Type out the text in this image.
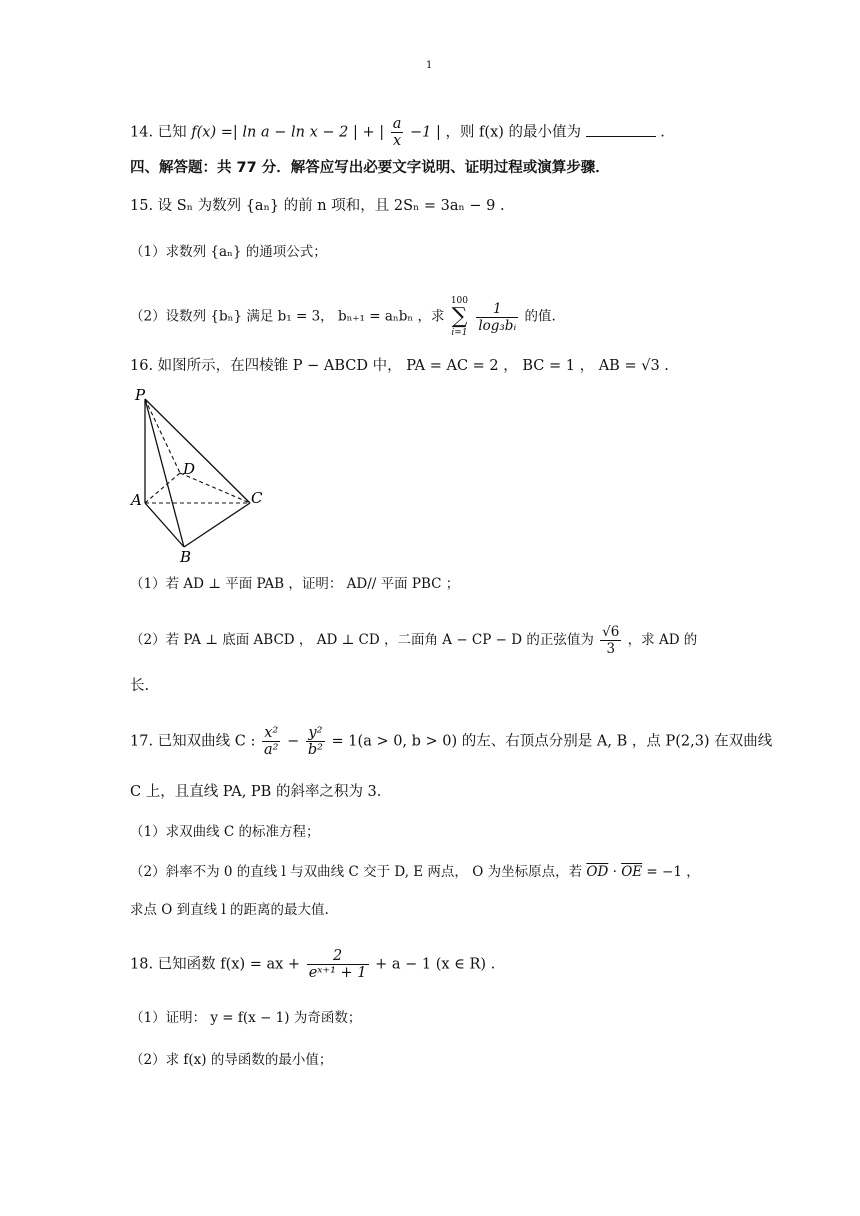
1
14. 已知 f(x) =| ln a − ln x − 2 | + | $\frac{a}{x} -1$ | ，则 f(x) 的最小值为	.
四、解答题：共 77 分．解答应写出必要文字说明、证明过程或演算步骤．
15. 设 Sₙ 为数列 {aₙ} 的前 n 项和，且 2Sₙ = 3aₙ − 9 .
（1）求数列 {aₙ} 的通项公式；
（2）设数列 {bₙ} 满足 b₁ = 3， bₙ₊₁ = aₙbₙ ，求
100
∑
i=1
$\frac{1}{\text{log₃bᵢ}}$ 的值.
16. 如图所示，在四棱锥 P − ABCD 中， PA = AC = 2 ， BC = 1 ， AB = √3 .
P
A
B
C
D
（1）若 AD ⊥ 平面 PAB ，证明： AD// 平面 PBC ；
（2）若 PA ⊥ 底面 ABCD ， AD ⊥ CD ，二面角 A − CP − D 的正弦值为 $\frac{√6}{3}$ ，求 AD 的
长.
17. 已知双曲线 C : $\frac{\text{x²}}{\text{a²}} - \frac{\text{y²}}{\text{b²}} = 1(a > 0$, b > 0) 的左、右顶点分别是 A, B ，点 P(2,3) 在双曲线
C 上，且直线 PA, PB 的斜率之积为 3.
（1）求双曲线 C 的标准方程；
（2）斜率不为 0 的直线 l 与双曲线 C 交于 D, E 两点， O 为坐标原点，若 $\overline{OD} \cdot \overline{OE} = -1$ ，
求点 O 到直线 l 的距离的最大值.
18. 已知函数 f(x) = ax + $\frac{2}{\text{eˣ⁺¹ + 1}} + a - 1$ (x ∈ R) .
（1）证明： y = f(x − 1) 为奇函数；
（2）求 f(x) 的导函数的最小值；
